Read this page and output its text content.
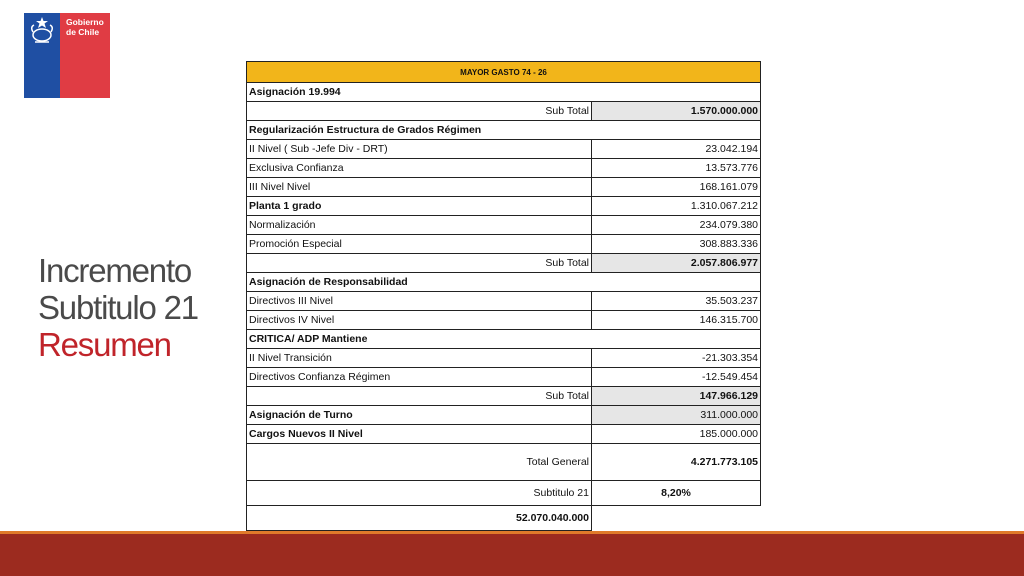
Gobierno
de Chile
Incremento
Subtitulo 21
Resumen
MAYOR GASTO 74 - 26	
Asignación 19.994	
Sub Total	1.570.000.000
Regularización Estructura de Grados Régimen	
II Nivel ( Sub -Jefe Div - DRT)	23.042.194
Exclusiva Confianza	13.573.776
III Nivel Nivel	168.161.079
Planta 1 grado	1.310.067.212
Normalización	234.079.380
Promoción Especial	308.883.336
Sub Total	2.057.806.977
Asignación de Responsabilidad	
Directivos III Nivel	35.503.237
Directivos IV Nivel	146.315.700
CRITICA/ ADP Mantiene	
II Nivel Transición	-21.303.354
Directivos Confianza Régimen	-12.549.454
Sub Total	147.966.129
Asignación de Turno	311.000.000
Cargos Nuevos II Nivel	185.000.000
Total General	4.271.773.105
Subtitulo 21	8,20%
52.070.040.000	
